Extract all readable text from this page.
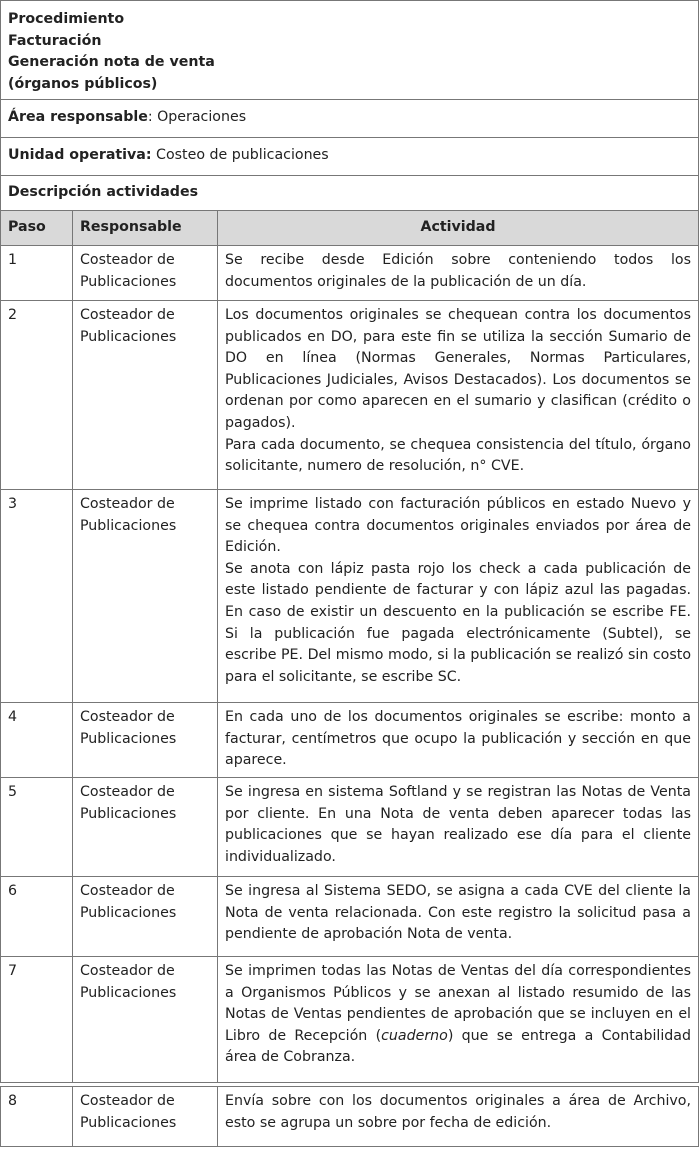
Procedimiento
Facturación
Generación nota de venta
(órganos públicos)		

Área responsable: Operaciones		
Unidad operativa: Costeo de publicaciones		
Descripción actividades		
Paso	Responsable	Actividad
1	Costeador de Publicaciones	Se recibe desde Edición sobre conteniendo todos los documentos originales de la publicación de un día.

2	Costeador de Publicaciones	Los documentos originales se chequean contra los documentos publicados en DO, para este fin se utiliza la sección Sumario de DO en línea (Normas Generales, Normas Particulares, Publicaciones Judiciales, Avisos Destacados). Los documentos se ordenan por como aparecen en el sumario y clasifican (crédito o pagados).

Para cada documento, se chequea consistencia del título, órgano solicitante, numero de resolución, n° CVE.

3	Costeador de Publicaciones	Se imprime listado con facturación públicos en estado Nuevo y se chequea contra documentos originales enviados por área de Edición.

Se anota con lápiz pasta rojo los check a cada publicación de este listado pendiente de facturar y con lápiz azul las pagadas. En caso de existir un descuento en la publicación se escribe FE. Si la publicación fue pagada electrónicamente (Subtel), se escribe PE. Del mismo modo, si la publicación se realizó sin costo para el solicitante, se escribe SC.

4	Costeador de Publicaciones	En cada uno de los documentos originales se escribe: monto a facturar, centímetros que ocupo la publicación y sección en que aparece.

5	Costeador de Publicaciones	Se ingresa en sistema Softland y se registran las Notas de Venta por cliente. En una Nota de venta deben aparecer todas las publicaciones que se hayan realizado ese día para el cliente individualizado.

6	Costeador de Publicaciones	Se ingresa al Sistema SEDO, se asigna a cada CVE del cliente la Nota de venta relacionada. Con este registro la solicitud pasa a pendiente de aprobación Nota de venta.

7	Costeador de Publicaciones	Se imprimen todas las Notas de Ventas del día correspondientes a Organismos Públicos y se anexan al listado resumido de las Notas de Ventas pendientes de aprobación que se incluyen en el Libro de Recepción (cuaderno) que se entrega a Contabilidad área de Cobranza.

8	Costeador de Publicaciones	Envía sobre con los documentos originales a área de Archivo, esto se agrupa un sobre por fecha de edición.
